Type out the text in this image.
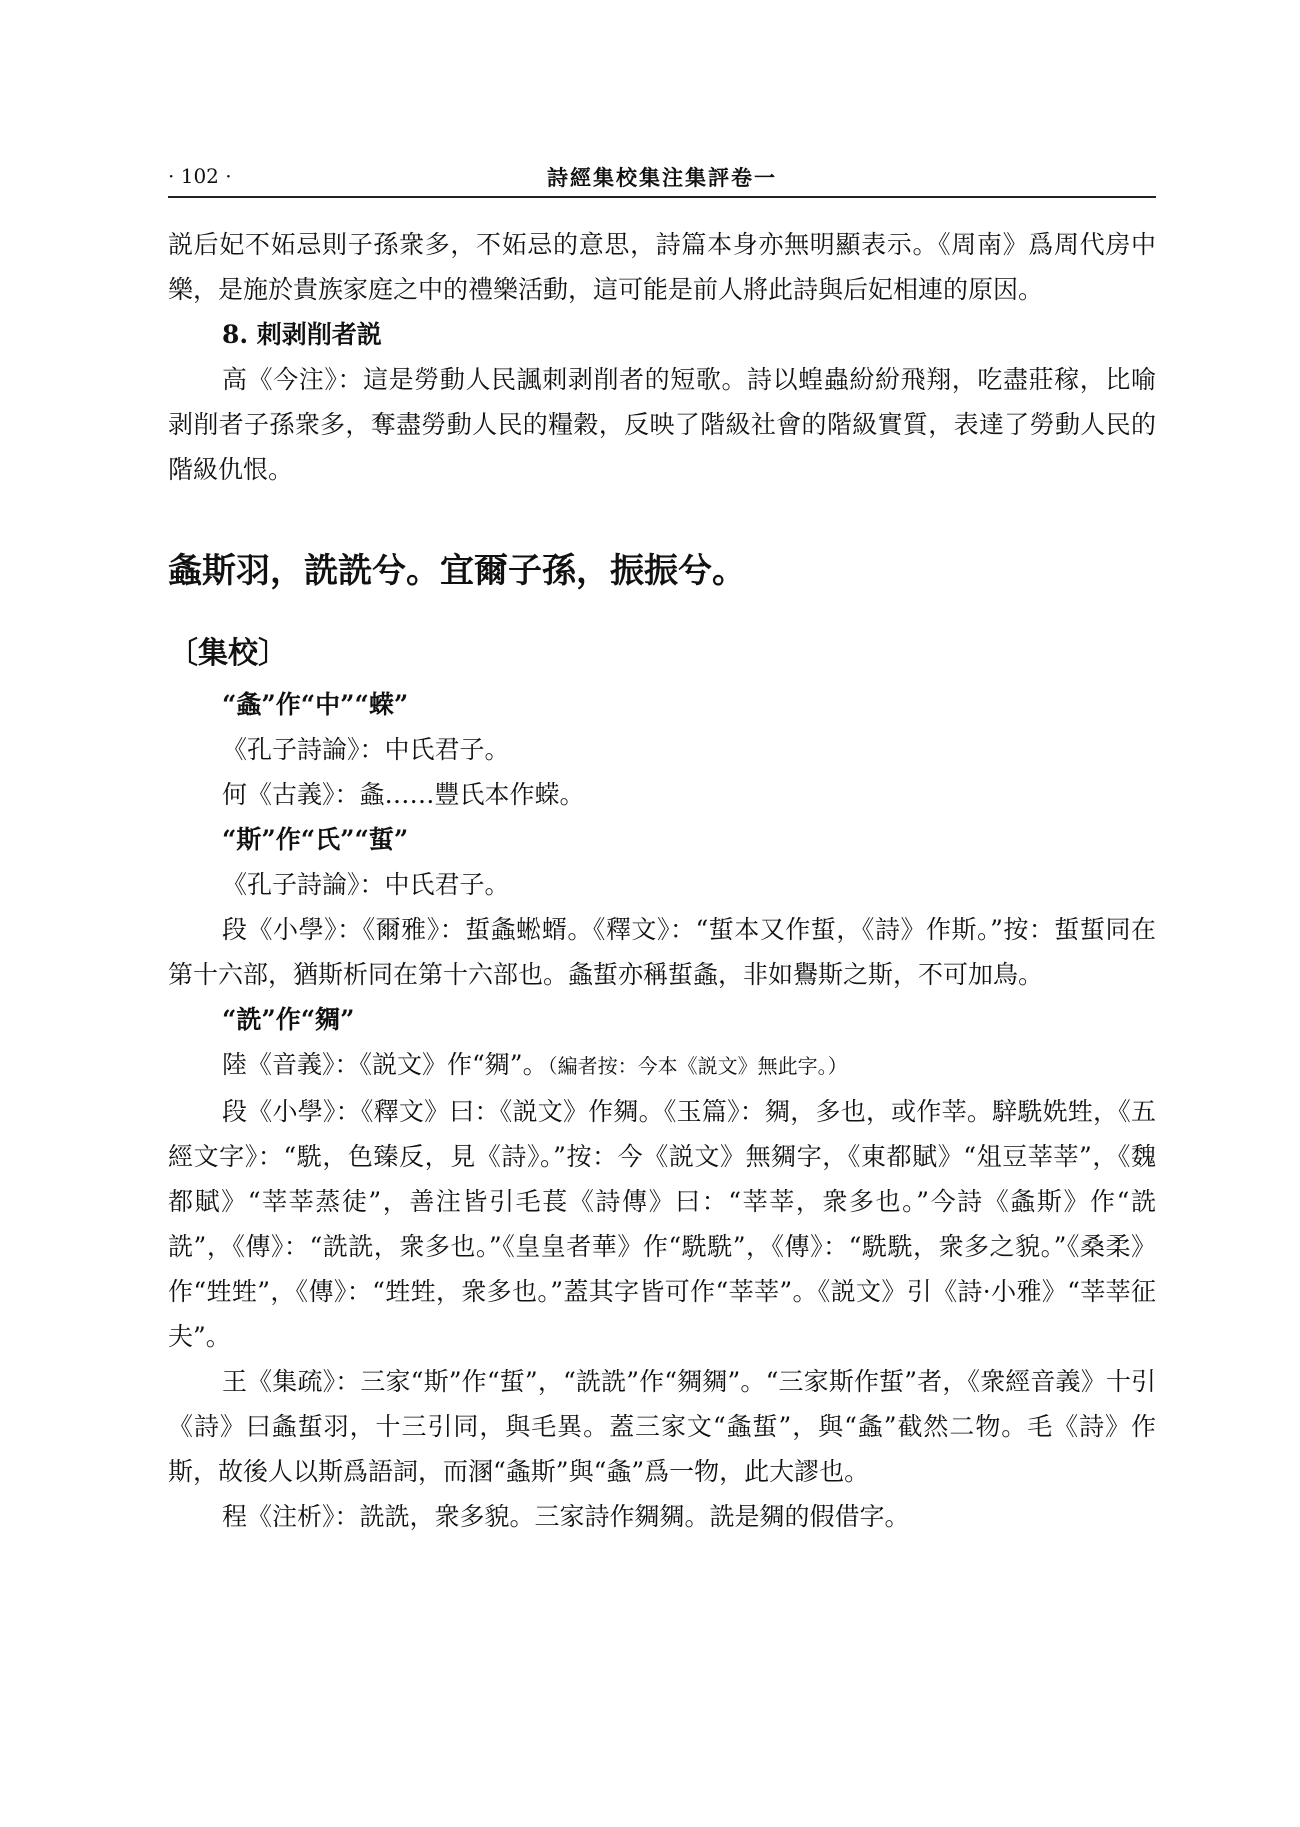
· 102 ·	詩經集校集注集評卷一

説后妃不妬忌則子孫衆多，不妬忌的意思，詩篇本身亦無明顯表示。《周南》爲周代房中樂，是施於貴族家庭之中的禮樂活動，這可能是前人將此詩與后妃相連的原因。

8. 刺剥削者説

高《今注》：這是勞動人民諷刺剥削者的短歌。詩以蝗蟲紛紛飛翔，吃盡莊稼，比喻剥削者子孫衆多，奪盡勞動人民的糧穀，反映了階級社會的階級實質，表達了勞動人民的階級仇恨。

螽斯羽，詵詵兮。宜爾子孫，振振兮。

〔集校〕

“螽”作“中”“蝾”

《孔子詩論》：中氏君子。

何《古義》：螽……豐氏本作蝾。

“斯”作“氏”“蜇”

《孔子詩論》：中氏君子。

段《小學》：《爾雅》：蜇螽蜙蝑。《釋文》：“蜇本又作蜇，《詩》作斯。”按：蜇蜇同在第十六部，猶斯析同在第十六部也。螽蜇亦稱蜇螽，非如鸒斯之斯，不可加鳥。

“詵”作“㚋”

陸《音義》：《説文》作“㚋”。（編者按：今本《説文》無此字。）

段《小學》：《釋文》曰：《説文》作㚋。《玉篇》：㚋，多也，或作莘。騂駪姺甡，《五經文字》：“駪，色臻反，見《詩》。”按：今《説文》無㚋字，《東都賦》“俎豆莘莘”，《魏都賦》“莘莘蒸徒”，善注皆引毛萇《詩傳》曰：“莘莘，衆多也。”今詩《螽斯》作“詵詵”，《傳》：“詵詵，衆多也。”《皇皇者華》作“駪駪”，《傳》：“駪駪，衆多之貌。”《桑柔》作“甡甡”，《傳》：“甡甡，衆多也。”蓋其字皆可作“莘莘”。《説文》引《詩·小雅》“莘莘征夫”。

王《集疏》：三家“斯”作“蜇”，“詵詵”作“㚋㚋”。“三家斯作蜇”者，《衆經音義》十引《詩》曰螽蜇羽，十三引同，與毛異。蓋三家文“螽蜇”，與“螽”截然二物。毛《詩》作斯，故後人以斯爲語詞，而溷“螽斯”與“螽”爲一物，此大謬也。

程《注析》：詵詵，衆多貌。三家詩作㚋㚋。詵是㚋的假借字。
